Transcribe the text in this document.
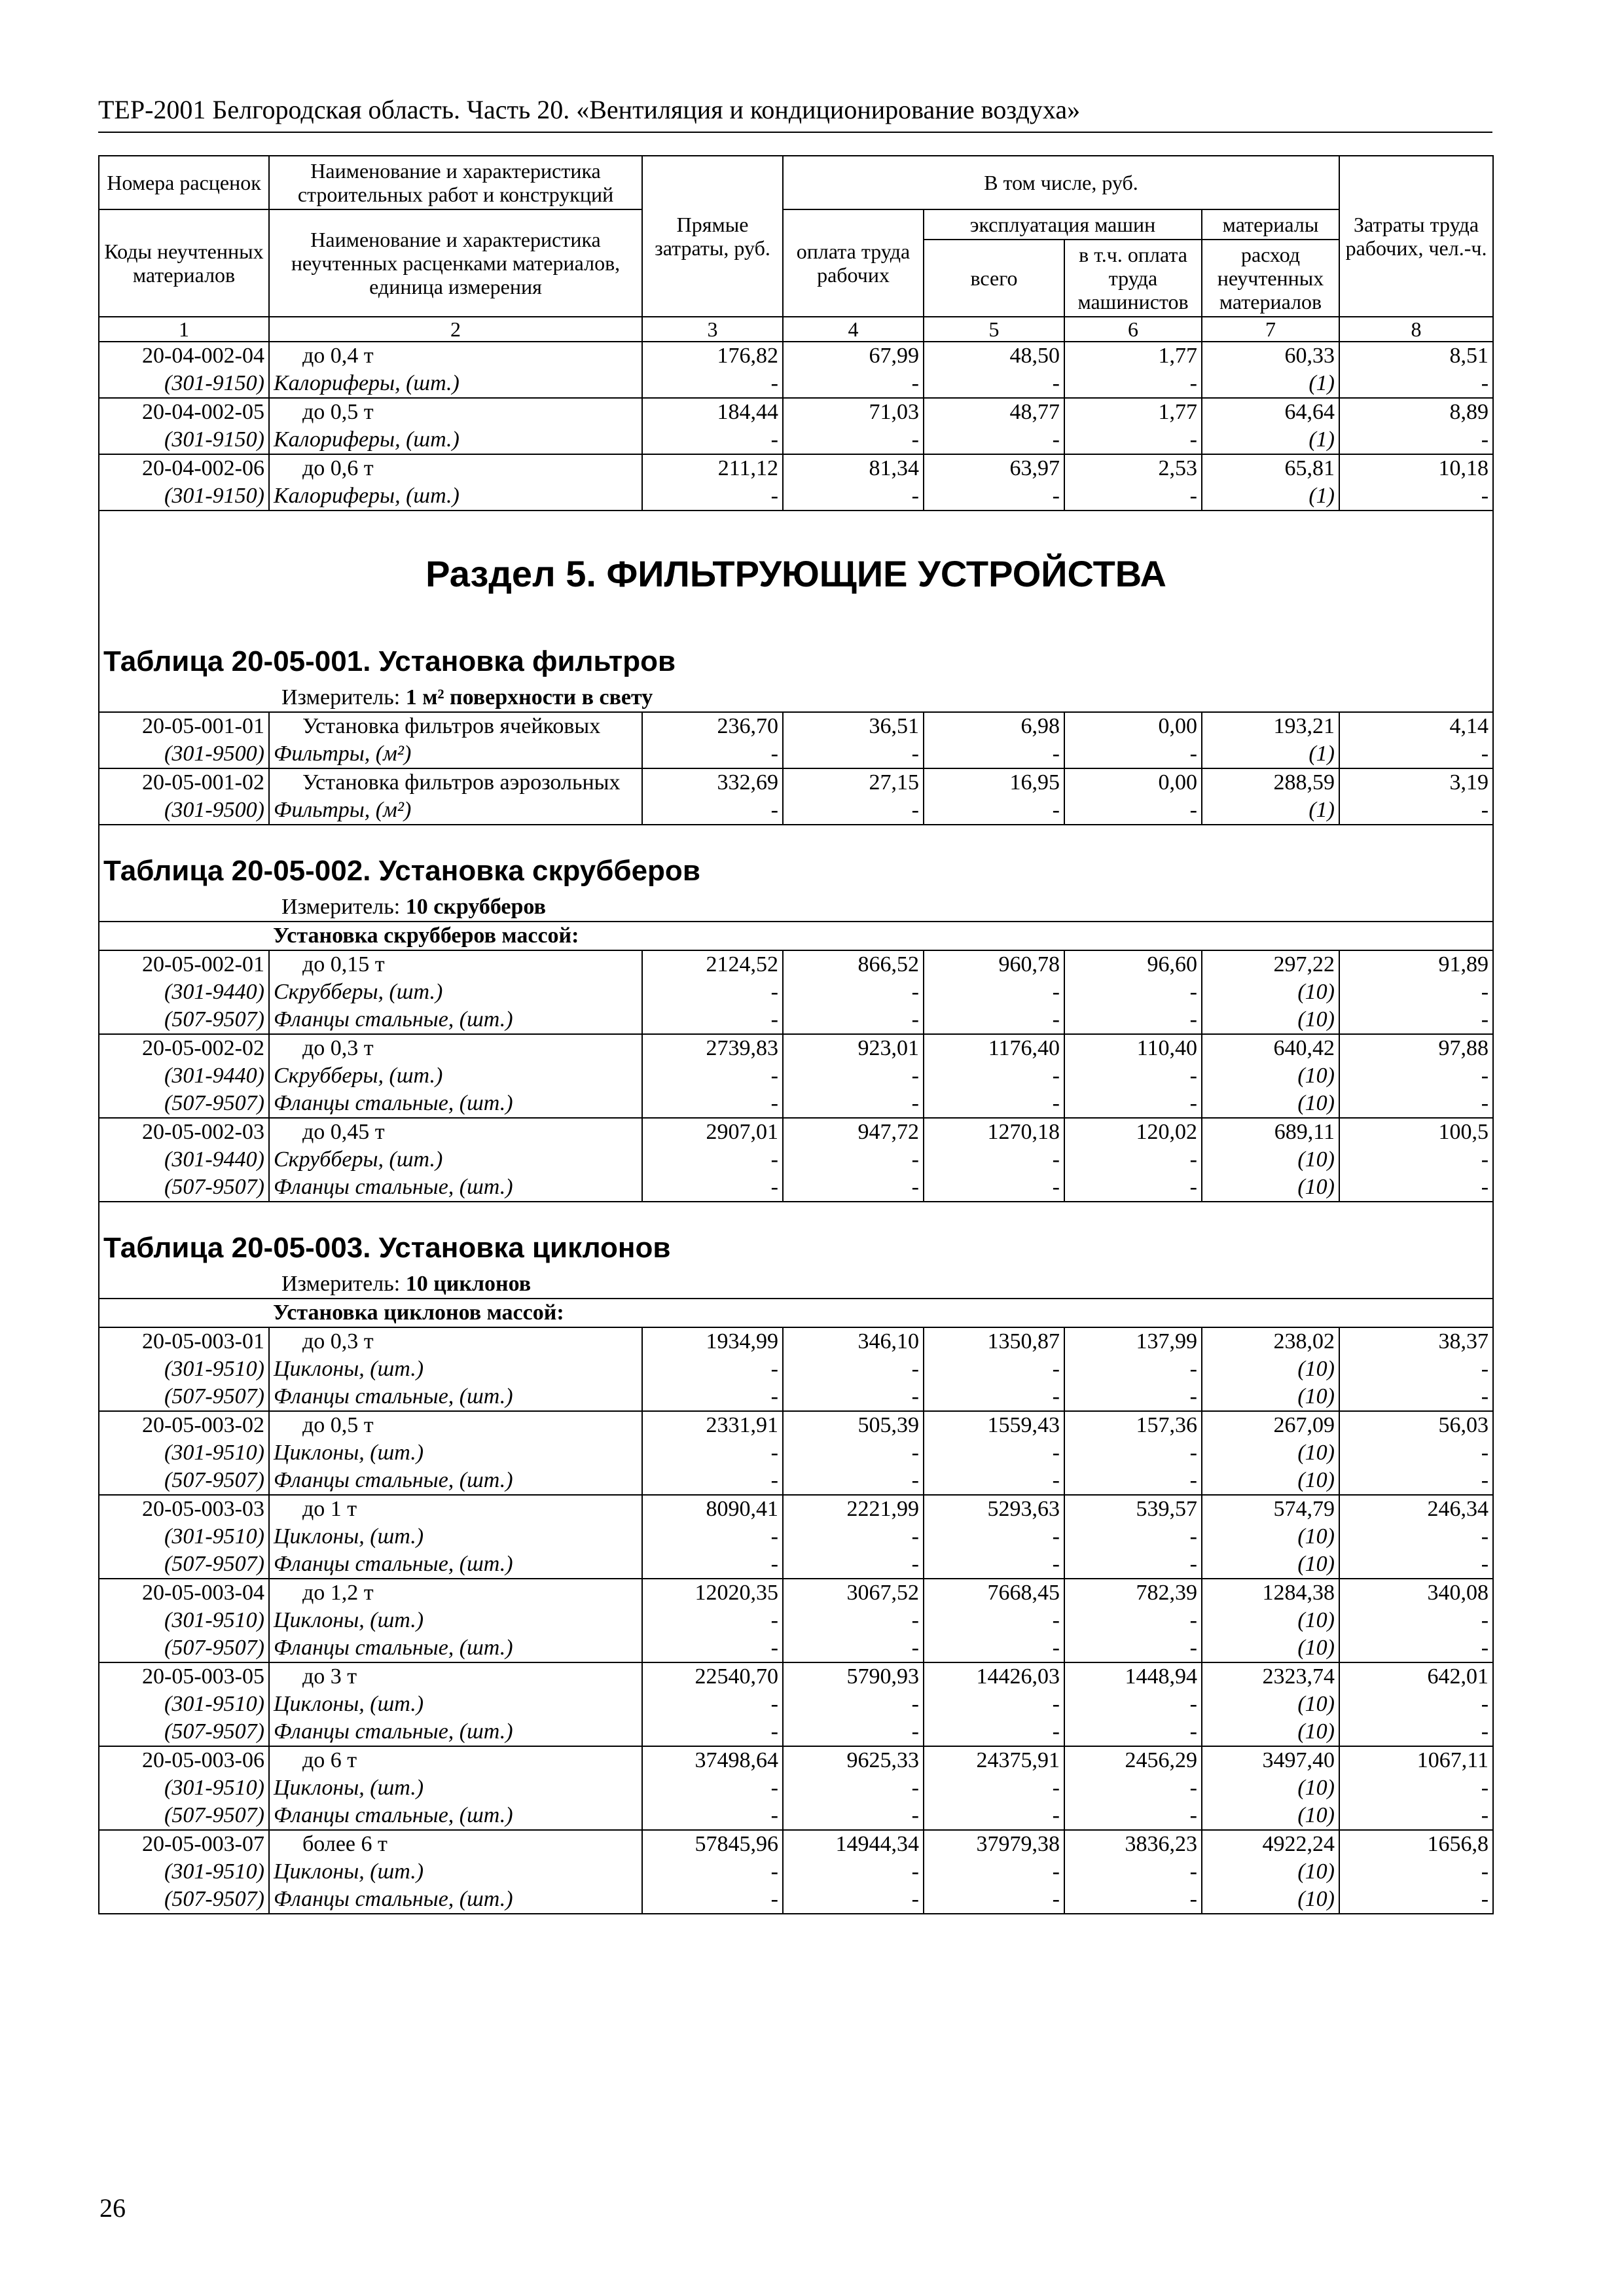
ТЕР-2001 Белгородская область. Часть 20. «Вентиляция и кондиционирование воздуха»
Номера расценок	Наименование и характеристика строительных работ и конструкций	Прямые затраты, руб.	В том числе, руб.				Затраты труда рабочих, чел.-ч.
Коды неучтенных материалов	Наименование и характеристика неучтенных расценками материалов, единица измерения		оплата труда рабочих	эксплуатация машин		материалы	
				всего	в т.ч. оплата труда машинистов	расход неучтенных материалов	
1	2	3	4	5	6	7	8
20-04-002-04	до 0,4 т	176,82	67,99	48,50	1,77	60,33	8,51
(301-9150)	Калориферы, (шт.)	-	-	-	-	(1)	-
20-04-002-05	до 0,5 т	184,44	71,03	48,77	1,77	64,64	8,89
(301-9150)	Калориферы, (шт.)	-	-	-	-	(1)	-
20-04-002-06	до 0,6 т	211,12	81,34	63,97	2,53	65,81	10,18
(301-9150)	Калориферы, (шт.)	-	-	-	-	(1)	-
Раздел 5. ФИЛЬТРУЮЩИЕ УСТРОЙСТВА							
Таблица 20-05-001. Установка фильтров							
Измеритель: 1 м² поверхности в свету							
20-05-001-01	Установка фильтров ячейковых	236,70	36,51	6,98	0,00	193,21	4,14
(301-9500)	Фильтры, (м²)	-	-	-	-	(1)	-
20-05-001-02	Установка фильтров аэрозольных	332,69	27,15	16,95	0,00	288,59	3,19
(301-9500)	Фильтры, (м²)	-	-	-	-	(1)	-
Таблица 20-05-002. Установка скрубберов							
Измеритель: 10 скрубберов							
	Установка скрубберов массой:						
20-05-002-01	до 0,15 т	2124,52	866,52	960,78	96,60	297,22	91,89
(301-9440)	Скрубберы, (шт.)	-	-	-	-	(10)	-
(507-9507)	Фланцы стальные, (шт.)	-	-	-	-	(10)	-
20-05-002-02	до 0,3 т	2739,83	923,01	1176,40	110,40	640,42	97,88
(301-9440)	Скрубберы, (шт.)	-	-	-	-	(10)	-
(507-9507)	Фланцы стальные, (шт.)	-	-	-	-	(10)	-
20-05-002-03	до 0,45 т	2907,01	947,72	1270,18	120,02	689,11	100,5
(301-9440)	Скрубберы, (шт.)	-	-	-	-	(10)	-
(507-9507)	Фланцы стальные, (шт.)	-	-	-	-	(10)	-
Таблица 20-05-003. Установка циклонов							
Измеритель: 10 циклонов							
	Установка циклонов массой:						
20-05-003-01	до 0,3 т	1934,99	346,10	1350,87	137,99	238,02	38,37
(301-9510)	Циклоны, (шт.)	-	-	-	-	(10)	-
(507-9507)	Фланцы стальные, (шт.)	-	-	-	-	(10)	-
20-05-003-02	до 0,5 т	2331,91	505,39	1559,43	157,36	267,09	56,03
(301-9510)	Циклоны, (шт.)	-	-	-	-	(10)	-
(507-9507)	Фланцы стальные, (шт.)	-	-	-	-	(10)	-
20-05-003-03	до 1 т	8090,41	2221,99	5293,63	539,57	574,79	246,34
(301-9510)	Циклоны, (шт.)	-	-	-	-	(10)	-
(507-9507)	Фланцы стальные, (шт.)	-	-	-	-	(10)	-
20-05-003-04	до 1,2 т	12020,35	3067,52	7668,45	782,39	1284,38	340,08
(301-9510)	Циклоны, (шт.)	-	-	-	-	(10)	-
(507-9507)	Фланцы стальные, (шт.)	-	-	-	-	(10)	-
20-05-003-05	до 3 т	22540,70	5790,93	14426,03	1448,94	2323,74	642,01
(301-9510)	Циклоны, (шт.)	-	-	-	-	(10)	-
(507-9507)	Фланцы стальные, (шт.)	-	-	-	-	(10)	-
20-05-003-06	до 6 т	37498,64	9625,33	24375,91	2456,29	3497,40	1067,11
(301-9510)	Циклоны, (шт.)	-	-	-	-	(10)	-
(507-9507)	Фланцы стальные, (шт.)	-	-	-	-	(10)	-
20-05-003-07	более 6 т	57845,96	14944,34	37979,38	3836,23	4922,24	1656,8
(301-9510)	Циклоны, (шт.)	-	-	-	-	(10)	-
(507-9507)	Фланцы стальные, (шт.)	-	-	-	-	(10)	-
26
